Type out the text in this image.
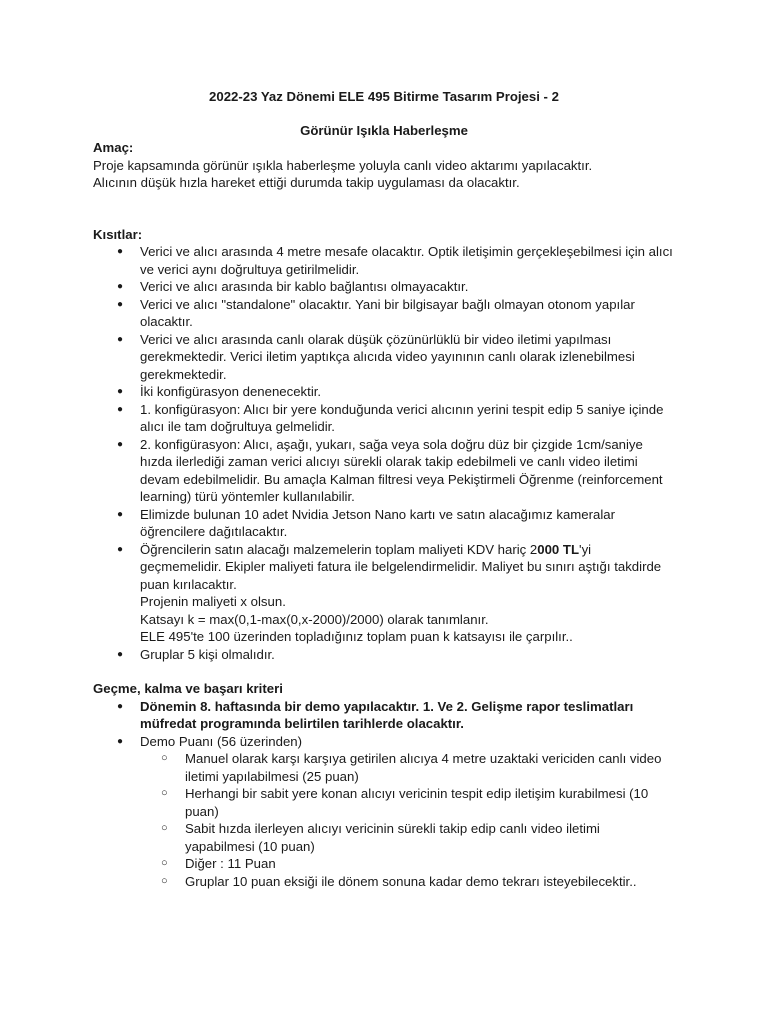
2022-23 Yaz Dönemi ELE 495 Bitirme Tasarım Projesi - 2
Görünür Işıkla Haberleşme

Amaç:

Proje kapsamında görünür ışıkla haberleşme yoluyla canlı video aktarımı yapılacaktır.

Alıcının düşük hızla hareket ettiği durumda takip uygulaması da olacaktır.

Kısıtlar:

● Verici ve alıcı arasında 4 metre mesafe olacaktır. Optik iletişimin gerçekleşebilmesi için alıcı ve verici aynı doğrultuya getirilmelidir.
● Verici ve alıcı arasında bir kablo bağlantısı olmayacaktır.
● Verici ve alıcı "standalone" olacaktır. Yani bir bilgisayar bağlı olmayan otonom yapılar olacaktır.
● Verici ve alıcı arasında canlı olarak düşük çözünürlüklü bir video iletimi yapılması gerekmektedir. Verici iletim yaptıkça alıcıda video yayınının canlı olarak izlenebilmesi gerekmektedir.
● İki konfigürasyon denenecektir.
● 1. konfigürasyon: Alıcı bir yere konduğunda verici alıcının yerini tespit edip 5 saniye içinde alıcı ile tam doğrultuya gelmelidir.
● 2. konfigürasyon: Alıcı, aşağı, yukarı, sağa veya sola doğru düz bir çizgide 1cm/saniye hızda ilerlediği zaman verici alıcıyı sürekli olarak takip edebilmeli ve canlı video iletimi devam edebilmelidir. Bu amaçla Kalman filtresi veya Pekiştirmeli Öğrenme (reinforcement learning) türü yöntemler kullanılabilir.
● Elimizde bulunan 10 adet Nvidia Jetson Nano kartı ve satın alacağımız kameralar öğrencilere dağıtılacaktır.
● Öğrencilerin satın alacağı malzemelerin toplam maliyeti KDV hariç 2000 TL'yi geçmemelidir. Ekipler maliyeti fatura ile belgelendirmelidir. Maliyet bu sınırı aştığı takdirde puan kırılacaktır.
Projenin maliyeti x olsun.
Katsayı k = max(0,1-max(0,x-2000)/2000) olarak tanımlanır.
ELE 495'te 100 üzerinden topladığınız toplam puan k katsayısı ile çarpılır..
● Gruplar 5 kişi olmalıdır.

Geçme, kalma ve başarı kriteri

● Dönemin 8. haftasında bir demo yapılacaktır. 1. Ve 2. Gelişme rapor teslimatları müfredat programında belirtilen tarihlerde olacaktır.
● Demo Puanı (56 üzerinden)
○ Manuel olarak karşı karşıya getirilen alıcıya 4 metre uzaktaki vericiden canlı video iletimi yapılabilmesi (25 puan)
○ Herhangi bir sabit yere konan alıcıyı vericinin tespit edip iletişim kurabilmesi (10 puan)
○ Sabit hızda ilerleyen alıcıyı vericinin sürekli takip edip canlı video iletimi yapabilmesi (10 puan)
○ Diğer : 11 Puan
○ Gruplar 10 puan eksiği ile dönem sonuna kadar demo tekrarı isteyebilecektir..
